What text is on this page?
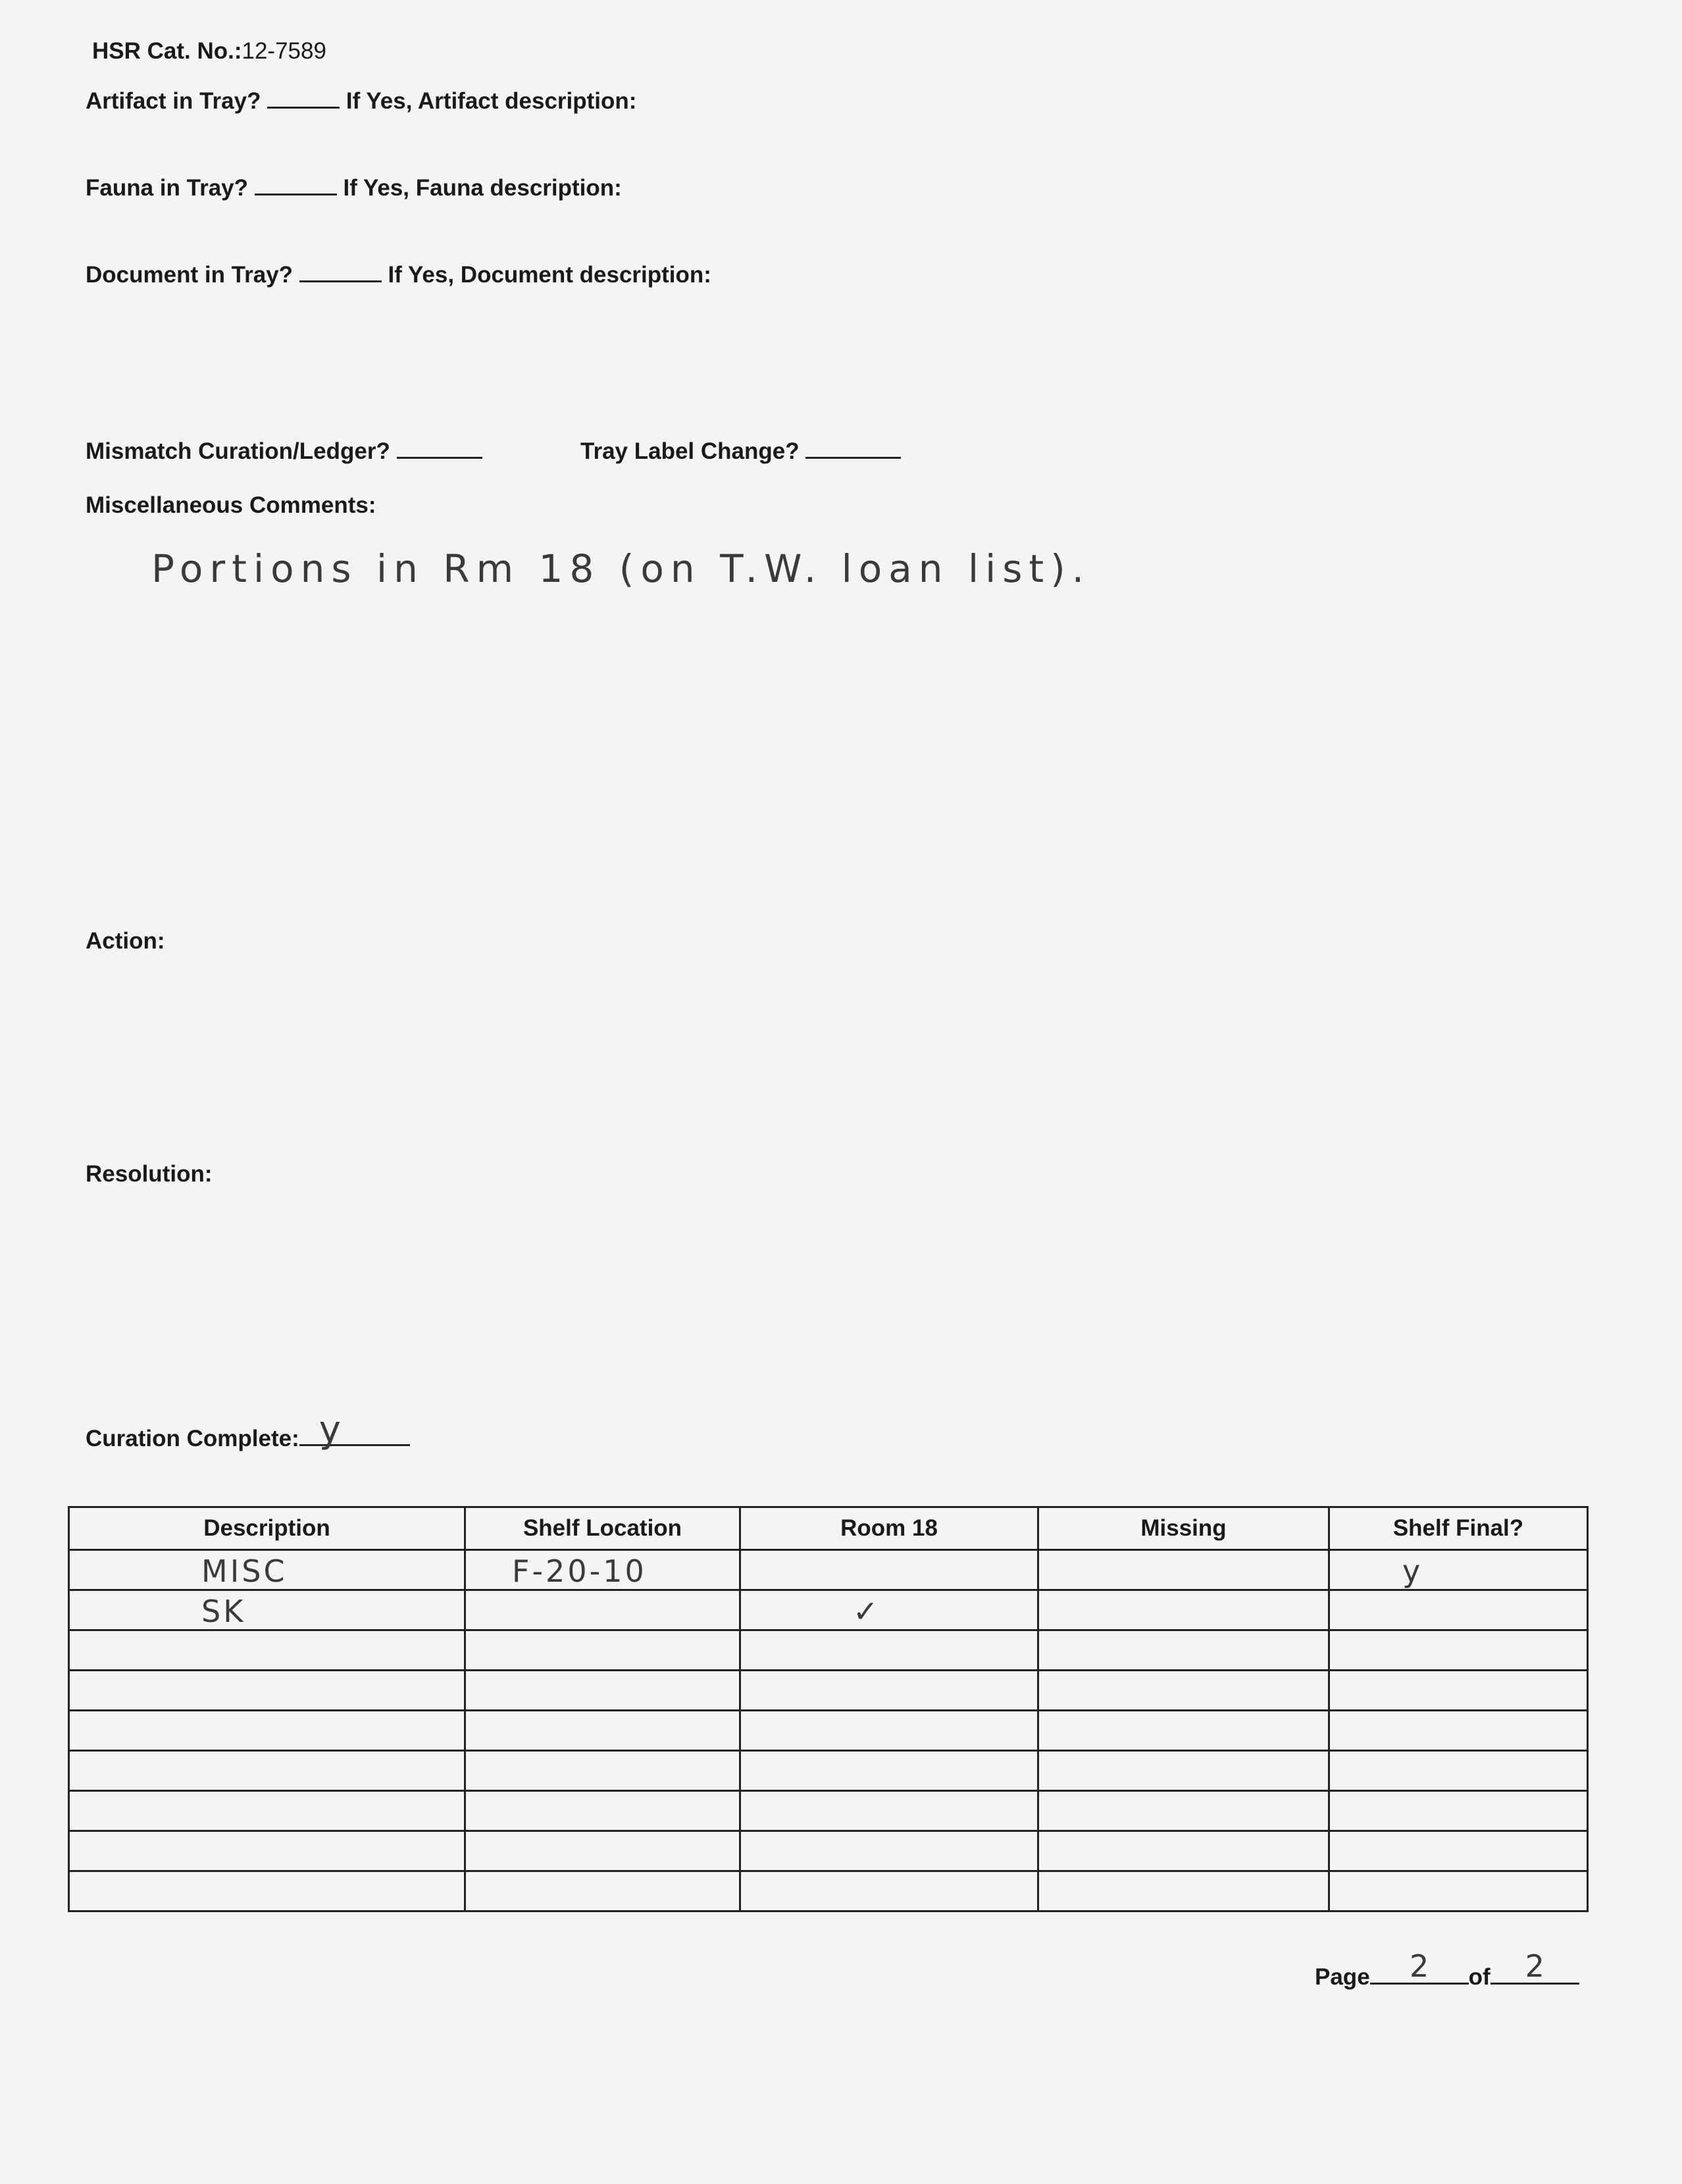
HSR Cat. No.:12-7589
Artifact in Tray?	If Yes, Artifact description:
Fauna in Tray?	If Yes, Fauna description:
Document in Tray?	If Yes, Document description:
Mismatch Curation/Ledger?	Tray Label Change?
Miscellaneous Comments:
Portions in Rm 18 (on T.W. loan list).
Action:
Resolution:
Curation Complete: y
Description	Shelf Location	Room 18	Missing	Shelf Final?

MISC	F-20-10			y

SK		✓		

Page	2	of	2
